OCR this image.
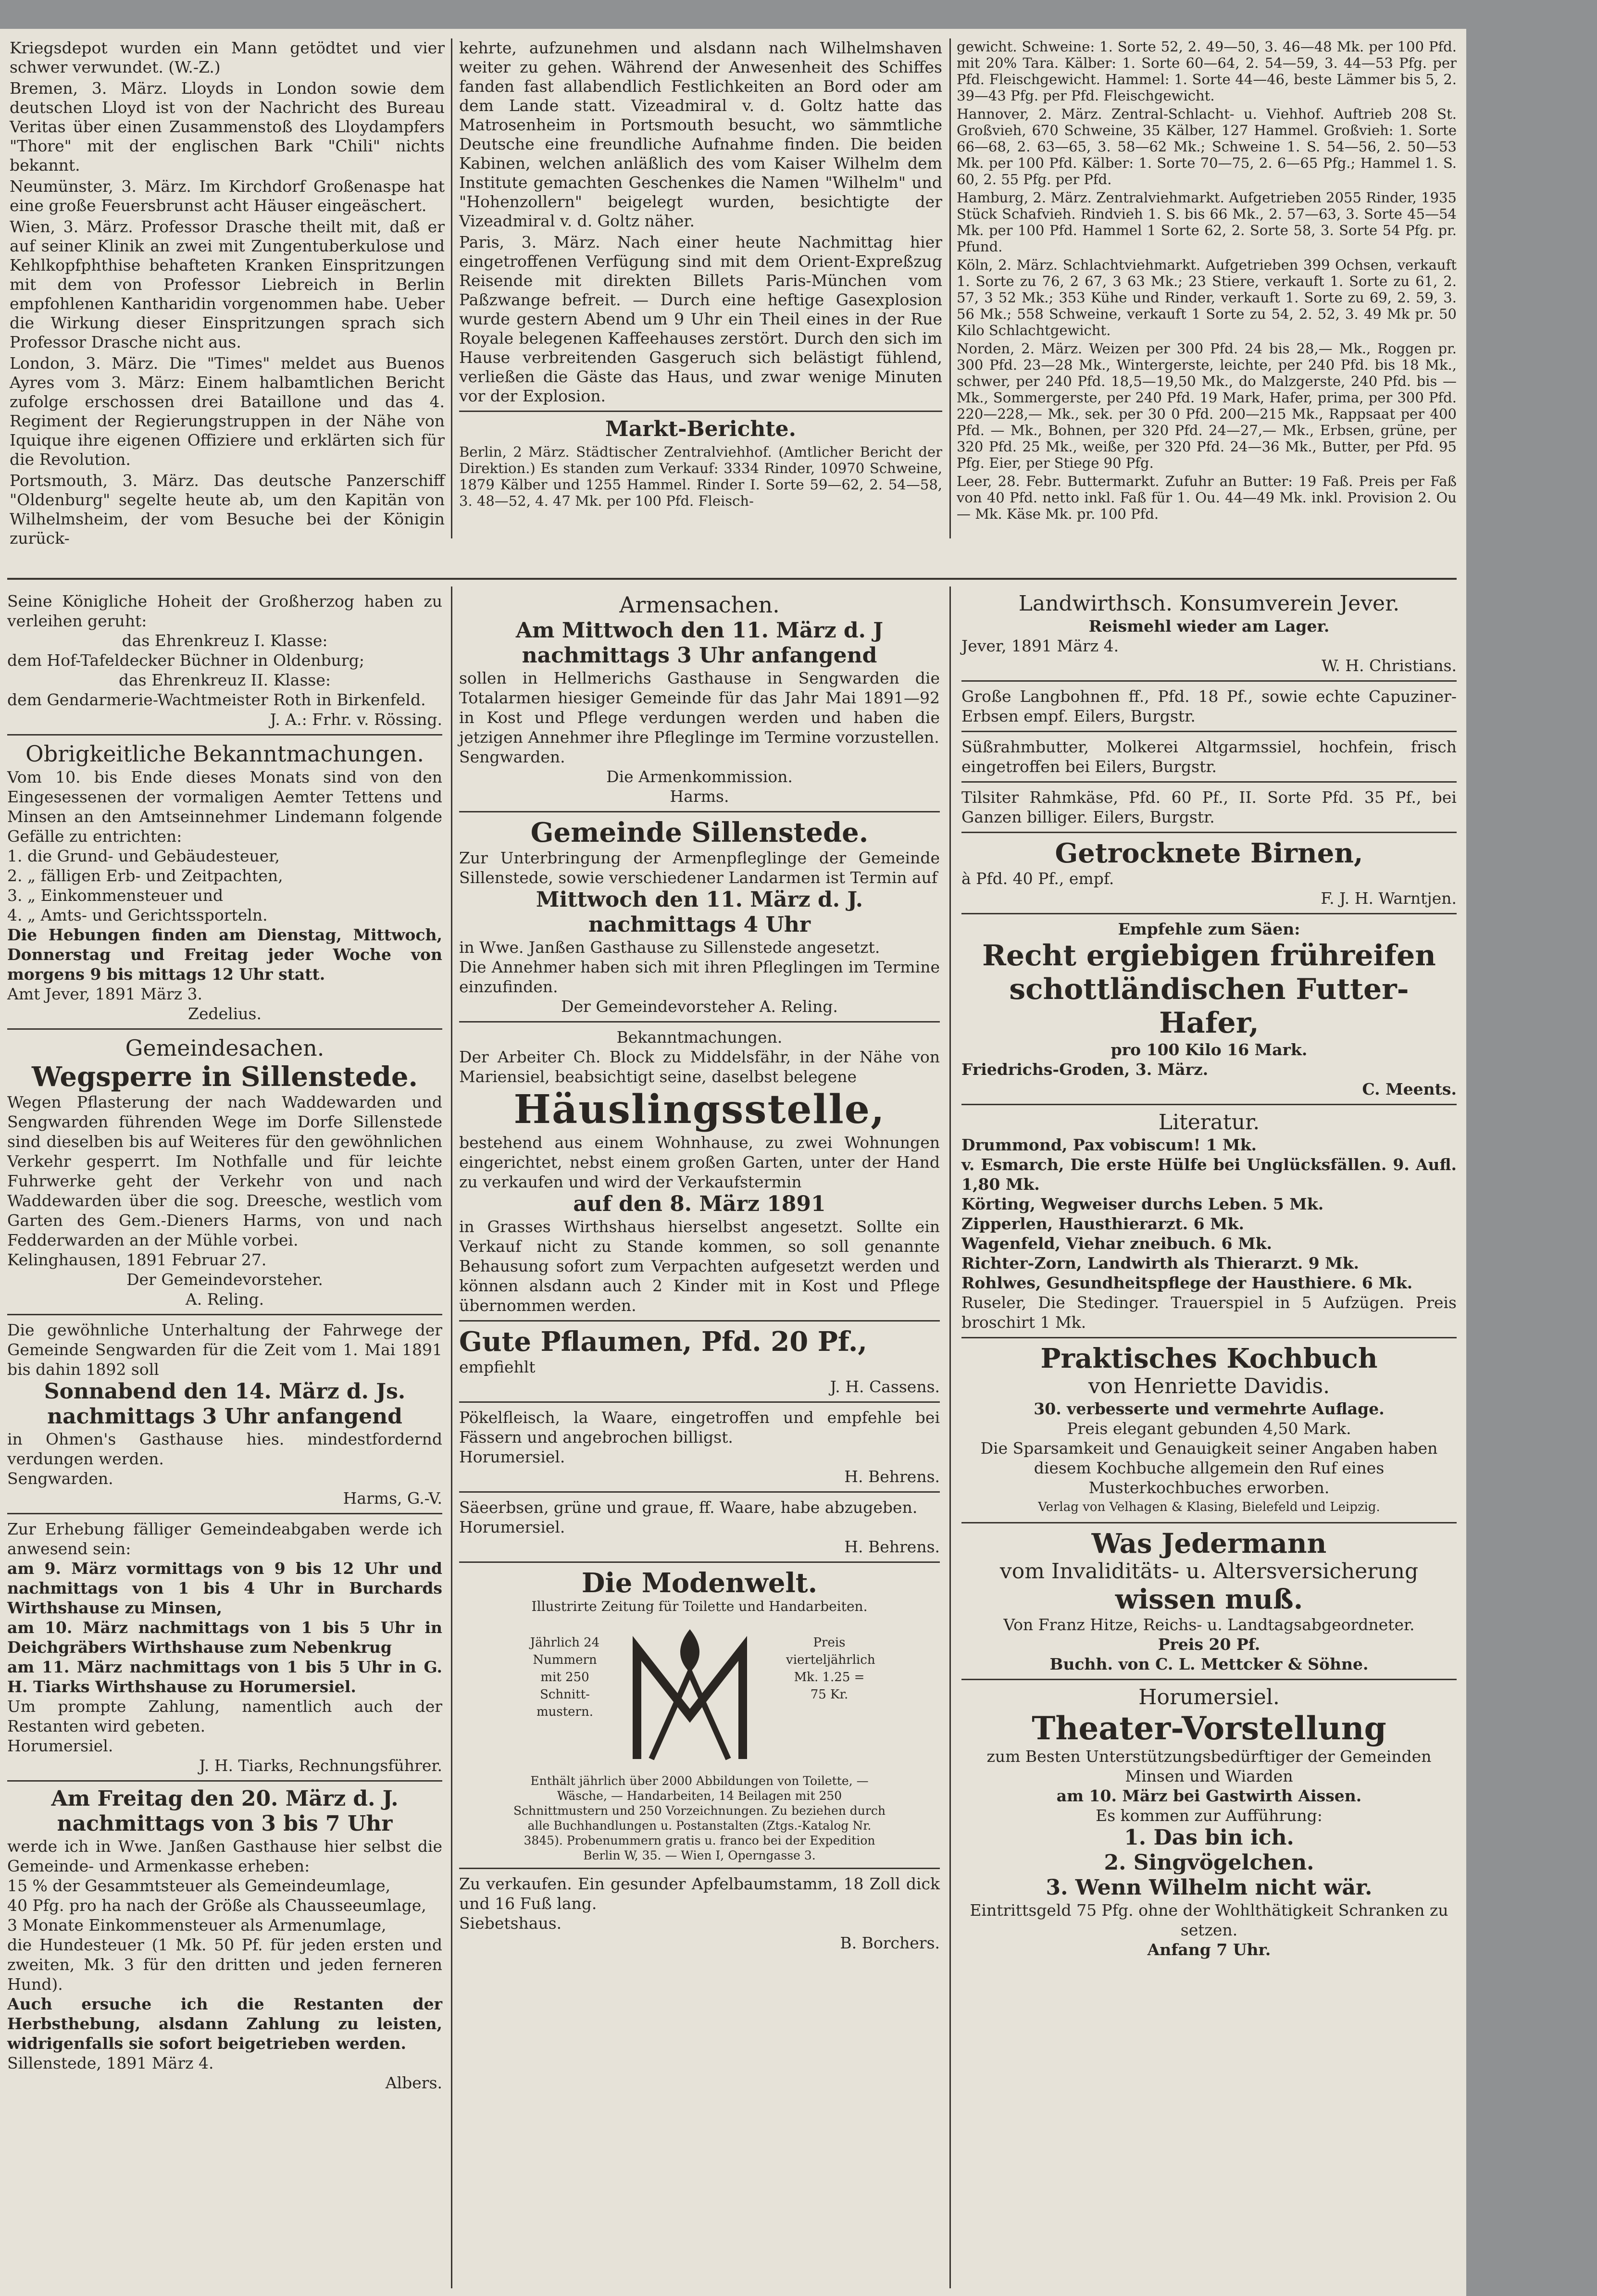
Kriegsdepot wurden ein Mann getödtet und vier schwer verwundet. (W.-Z.)

Bremen, 3. März. Lloyds in London sowie dem deutschen Lloyd ist von der Nachricht des Bureau Veritas über einen Zusammenstoß des Lloydampfers "Thore" mit der englischen Bark "Chili" nichts bekannt.

Neumünster, 3. März. Im Kirchdorf Großenaspe hat eine große Feuersbrunst acht Häuser eingeäschert.

Wien, 3. März. Professor Drasche theilt mit, daß er auf seiner Klinik an zwei mit Zungentuberkulose und Kehlkopfphthise behafteten Kranken Einspritzungen mit dem von Professor Liebreich in Berlin empfohlenen Kantharidin vorgenommen habe. Ueber die Wirkung dieser Einspritzungen sprach sich Professor Drasche nicht aus.

London, 3. März. Die "Times" meldet aus Buenos Ayres vom 3. März: Einem halbamtlichen Bericht zufolge erschossen drei Bataillone und das 4. Regiment der Regierungstruppen in der Nähe von Iquique ihre eigenen Offiziere und erklärten sich für die Revolution.

Portsmouth, 3. März. Das deutsche Panzerschiff "Oldenburg" segelte heute ab, um den Kapitän von Wilhelmsheim, der vom Besuche bei der Königin zurück-

kehrte, aufzunehmen und alsdann nach Wilhelmshaven weiter zu gehen. Während der Anwesenheit des Schiffes fanden fast allabendlich Festlichkeiten an Bord oder am dem Lande statt. Vizeadmiral v. d. Goltz hatte das Matrosenheim in Portsmouth besucht, wo sämmtliche Deutsche eine freundliche Aufnahme finden. Die beiden Kabinen, welchen anläßlich des vom Kaiser Wilhelm dem Institute gemachten Geschenkes die Namen "Wilhelm" und "Hohenzollern" beigelegt wurden, besichtigte der Vizeadmiral v. d. Goltz näher.

Paris, 3. März. Nach einer heute Nachmittag hier eingetroffenen Verfügung sind mit dem Orient-Expreßzug Reisende mit direkten Billets Paris-München vom Paßzwange befreit. — Durch eine heftige Gasexplosion wurde gestern Abend um 9 Uhr ein Theil eines in der Rue Royale belegenen Kaffeehauses zerstört. Durch den sich im Hause verbreitenden Gasgeruch sich belästigt fühlend, verließen die Gäste das Haus, und zwar wenige Minuten vor der Explosion.

Markt-Berichte.

Berlin, 2 März. Städtischer Zentralviehhof. (Amtlicher Bericht der Direktion.) Es standen zum Verkauf: 3334 Rinder, 10970 Schweine, 1879 Kälber und 1255 Hammel. Rinder I. Sorte 59—62, 2. 54—58, 3. 48—52, 4. 47 Mk. per 100 Pfd. Fleisch-

gewicht. Schweine: 1. Sorte 52, 2. 49—50, 3. 46—48 Mk. per 100 Pfd. mit 20% Tara. Kälber: 1. Sorte 60—64, 2. 54—59, 3. 44—53 Pfg. per Pfd. Fleischgewicht. Hammel: 1. Sorte 44—46, beste Lämmer bis 5, 2. 39—43 Pfg. per Pfd. Fleischgewicht.

Hannover, 2. März. Zentral-Schlacht- u. Viehhof. Auftrieb 208 St. Großvieh, 670 Schweine, 35 Kälber, 127 Hammel. Großvieh: 1. Sorte 66—68, 2. 63—65, 3. 58—62 Mk.; Schweine 1. S. 54—56, 2. 50—53 Mk. per 100 Pfd. Kälber: 1. Sorte 70—75, 2. 6—65 Pfg.; Hammel 1. S. 60, 2. 55 Pfg. per Pfd.

Hamburg, 2. März. Zentralviehmarkt. Aufgetrieben 2055 Rinder, 1935 Stück Schafvieh. Rindvieh 1. S. bis 66 Mk., 2. 57—63, 3. Sorte 45—54 Mk. per 100 Pfd. Hammel 1 Sorte 62, 2. Sorte 58, 3. Sorte 54 Pfg. pr. Pfund.

Köln, 2. März. Schlachtviehmarkt. Aufgetrieben 399 Ochsen, verkauft 1. Sorte zu 76, 2 67, 3 63 Mk.; 23 Stiere, verkauft 1. Sorte zu 61, 2. 57, 3 52 Mk.; 353 Kühe und Rinder, verkauft 1. Sorte zu 69, 2. 59, 3. 56 Mk.; 558 Schweine, verkauft 1 Sorte zu 54, 2. 52, 3. 49 Mk pr. 50 Kilo Schlachtgewicht.

Norden, 2. März. Weizen per 300 Pfd. 24 bis 28,— Mk., Roggen pr. 300 Pfd. 23—28 Mk., Wintergerste, leichte, per 240 Pfd. bis 18 Mk., schwer, per 240 Pfd. 18,5—19,50 Mk., do Malzgerste, 240 Pfd. bis — Mk., Sommergerste, per 240 Pfd. 19 Mark, Hafer, prima, per 300 Pfd. 220—228,— Mk., sek. per 30 0 Pfd. 200—215 Mk., Rappsaat per 400 Pfd. — Mk., Bohnen, per 320 Pfd. 24—27,— Mk., Erbsen, grüne, per 320 Pfd. 25 Mk., weiße, per 320 Pfd. 24—36 Mk., Butter, per Pfd. 95 Pfg. Eier, per Stiege 90 Pfg.

Leer, 28. Febr. Buttermarkt. Zufuhr an Butter: 19 Faß. Preis per Faß von 40 Pfd. netto inkl. Faß für 1. Ou. 44—49 Mk. inkl. Provision 2. Ou — Mk. Käse Mk. pr. 100 Pfd.

Seine Königliche Hoheit der Großherzog haben zu verleihen geruht:

das Ehrenkreuz I. Klasse:

dem Hof-Tafeldecker Büchner in Oldenburg;

das Ehrenkreuz II. Klasse:

dem Gendarmerie-Wachtmeister Roth in Birkenfeld.

J. A.: Frhr. v. Rössing.

Obrigkeitliche Bekanntmachungen.

Vom 10. bis Ende dieses Monats sind von den Eingesessenen der vormaligen Aemter Tettens und Minsen an den Amtseinnehmer Lindemann folgende Gefälle zu entrichten:

1. die Grund- und Gebäudesteuer,

2. „ fälligen Erb- und Zeitpachten,

3. „ Einkommensteuer und

4. „ Amts- und Gerichtssporteln.

Die Hebungen finden am Dienstag, Mittwoch, Donnerstag und Freitag jeder Woche von morgens 9 bis mittags 12 Uhr statt.

Amt Jever, 1891 März 3.

Zedelius.

Gemeindesachen.

Wegsperre in Sillenstede.

Wegen Pflasterung der nach Waddewarden und Sengwarden führenden Wege im Dorfe Sillenstede sind dieselben bis auf Weiteres für den gewöhnlichen Verkehr gesperrt. Im Nothfalle und für leichte Fuhrwerke geht der Verkehr von und nach Waddewarden über die sog. Dreesche, westlich vom Garten des Gem.-Dieners Harms, von und nach Fedderwarden an der Mühle vorbei.

Kelinghausen, 1891 Februar 27.

Der Gemeindevorsteher.

A. Reling.

Die gewöhnliche Unterhaltung der Fahrwege der Gemeinde Sengwarden für die Zeit vom 1. Mai 1891 bis dahin 1892 soll

Sonnabend den 14. März d. Js.

nachmittags 3 Uhr anfangend

in Ohmen's Gasthause hies. mindestfordernd verdungen werden.

Sengwarden.

Harms, G.-V.

Zur Erhebung fälliger Gemeindeabgaben werde ich anwesend sein:

am 9. März vormittags von 9 bis 12 Uhr und nachmittags von 1 bis 4 Uhr in Burchards Wirthshause zu Minsen,

am 10. März nachmittags von 1 bis 5 Uhr in Deichgräbers Wirthshause zum Nebenkrug

am 11. März nachmittags von 1 bis 5 Uhr in G. H. Tiarks Wirthshause zu Horumersiel.

Um prompte Zahlung, namentlich auch der Restanten wird gebeten.

Horumersiel.

J. H. Tiarks, Rechnungsführer.

Am Freitag den 20. März d. J.

nachmittags von 3 bis 7 Uhr

werde ich in Wwe. Janßen Gasthause hier selbst die Gemeinde- und Armenkasse erheben:

15 % der Gesammtsteuer als Gemeindeumlage,

40 Pfg. pro ha nach der Größe als Chausseeumlage,

3 Monate Einkommensteuer als Armenumlage,

die Hundesteuer (1 Mk. 50 Pf. für jeden ersten und zweiten, Mk. 3 für den dritten und jeden ferneren Hund).

Auch ersuche ich die Restanten der Herbsthebung, alsdann Zahlung zu leisten, widrigenfalls sie sofort beigetrieben werden.

Sillenstede, 1891 März 4.

Albers.

Armensachen.

Am Mittwoch den 11. März d. J

nachmittags 3 Uhr anfangend

sollen in Hellmerichs Gasthause in Sengwarden die Totalarmen hiesiger Gemeinde für das Jahr Mai 1891—92 in Kost und Pflege verdungen werden und haben die jetzigen Annehmer ihre Pfleglinge im Termine vorzustellen.

Sengwarden.

Die Armenkommission.

Harms.

Gemeinde Sillenstede.

Zur Unterbringung der Armenpfleglinge der Gemeinde Sillenstede, sowie verschiedener Landarmen ist Termin auf

Mittwoch den 11. März d. J.

nachmittags 4 Uhr

in Wwe. Janßen Gasthause zu Sillenstede angesetzt.

Die Annehmer haben sich mit ihren Pfleglingen im Termine einzufinden.

Der Gemeindevorsteher A. Reling.

Bekanntmachungen.

Der Arbeiter Ch. Block zu Middelsfähr, in der Nähe von Mariensiel, beabsichtigt seine, daselbst belegene

Häuslingsstelle,

bestehend aus einem Wohnhause, zu zwei Wohnungen eingerichtet, nebst einem großen Garten, unter der Hand zu verkaufen und wird der Verkaufstermin

auf den 8. März 1891

in Grasses Wirthshaus hierselbst angesetzt. Sollte ein Verkauf nicht zu Stande kommen, so soll genannte Behausung sofort zum Verpachten aufgesetzt werden und können alsdann auch 2 Kinder mit in Kost und Pflege übernommen werden.

Gute Pflaumen, Pfd. 20 Pf.,

empfiehlt

J. H. Cassens.

Pökelfleisch, la Waare, eingetroffen und empfehle bei Fässern und angebrochen billigst.

Horumersiel.

H. Behrens.

Säeerbsen, grüne und graue, ff. Waare, habe abzugeben.

Horumersiel.

H. Behrens.

Die Modenwelt.

Illustrirte Zeitung für Toilette und Handarbeiten.

Jährlich 24 Nummern mit 250 Schnitt-mustern.

Preis vierteljährlich Mk. 1.25 = 75 Kr.

Enthält jährlich über 2000 Abbildungen von Toilette, — Wäsche, — Handarbeiten, 14 Beilagen mit 250 Schnittmustern und 250 Vorzeichnungen. Zu beziehen durch alle Buchhandlungen u. Postanstalten (Ztgs.-Katalog Nr. 3845). Probenummern gratis u. franco bei der Expedition Berlin W, 35. — Wien I, Operngasse 3.

Zu verkaufen. Ein gesunder Apfelbaumstamm, 18 Zoll dick und 16 Fuß lang.

Siebetshaus.

B. Borchers.

Landwirthsch. Konsumverein Jever.

Reismehl wieder am Lager.

Jever, 1891 März 4.

W. H. Christians.

Große Langbohnen ff., Pfd. 18 Pf., sowie echte Capuziner-Erbsen empf. Eilers, Burgstr.

Süßrahmbutter, Molkerei Altgarmssiel, hochfein, frisch eingetroffen bei Eilers, Burgstr.

Tilsiter Rahmkäse, Pfd. 60 Pf., II. Sorte Pfd. 35 Pf., bei Ganzen billiger. Eilers, Burgstr.

Getrocknete Birnen,

à Pfd. 40 Pf., empf.

F. J. H. Warntjen.

Empfehle zum Säen:

Recht ergiebigen frühreifen schottländischen Futter-Hafer,

pro 100 Kilo 16 Mark.

Friedrichs-Groden, 3. März.

C. Meents.

Literatur.

Drummond, Pax vobiscum! 1 Mk.

v. Esmarch, Die erste Hülfe bei Unglücksfällen. 9. Aufl. 1,80 Mk.

Körting, Wegweiser durchs Leben. 5 Mk.

Zipperlen, Hausthierarzt. 6 Mk.

Wagenfeld, Viehar zneibuch. 6 Mk.

Richter-Zorn, Landwirth als Thierarzt. 9 Mk.

Rohlwes, Gesundheitspflege der Hausthiere. 6 Mk.

Ruseler, Die Stedinger. Trauerspiel in 5 Aufzügen. Preis broschirt 1 Mk.

Praktisches Kochbuch

von Henriette Davidis.

30. verbesserte und vermehrte Auflage.

Preis elegant gebunden 4,50 Mark.

Die Sparsamkeit und Genauigkeit seiner Angaben haben diesem Kochbuche allgemein den Ruf eines Musterkochbuches erworben.

Verlag von Velhagen & Klasing, Bielefeld und Leipzig.

Was Jedermann

vom Invaliditäts- u. Altersversicherung

wissen muß.

Von Franz Hitze, Reichs- u. Landtagsabgeordneter.

Preis 20 Pf.

Buchh. von C. L. Mettcker & Söhne.

Horumersiel.

Theater-Vorstellung

zum Besten Unterstützungsbedürftiger der Gemeinden Minsen und Wiarden

am 10. März bei Gastwirth Aissen.

Es kommen zur Aufführung:

1. Das bin ich.

2. Singvögelchen.

3. Wenn Wilhelm nicht wär.

Eintrittsgeld 75 Pfg. ohne der Wohlthätigkeit Schranken zu setzen.

Anfang 7 Uhr.
